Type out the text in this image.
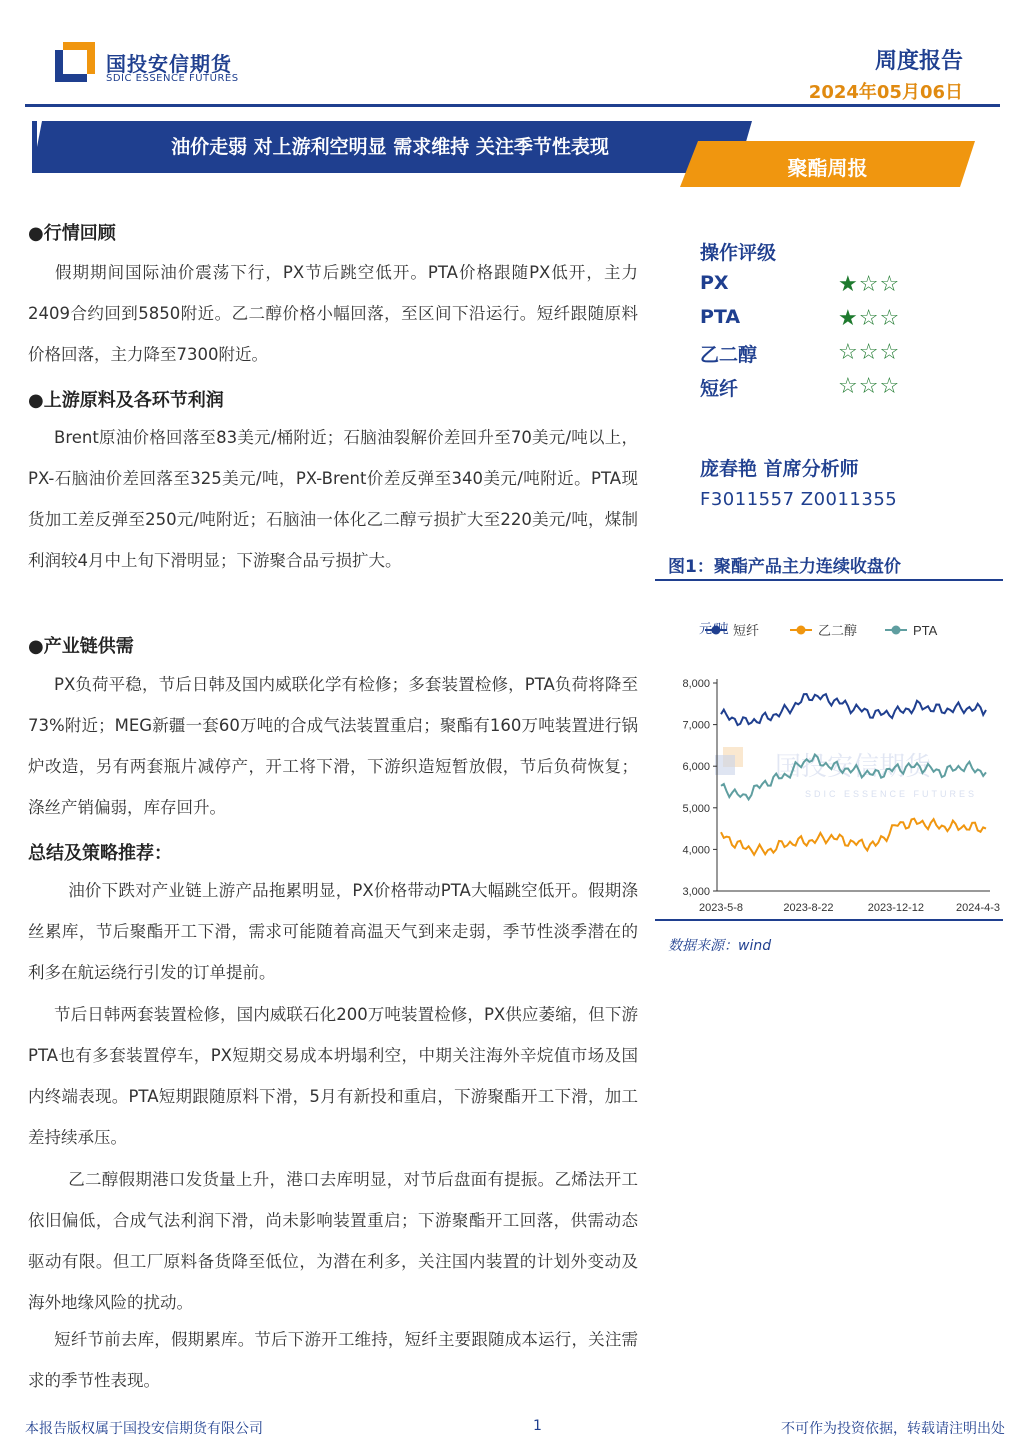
国投安信期货
SDIC ESSENCE FUTURES
周度报告
2024年05月06日
油价走弱 对上游利空明显 需求维持 关注季节性表现
聚酯周报
●行情回顾
假期期间国际油价震荡下行，PX节后跳空低开。PTA价格跟随PX低开，主力2409合约回到5850附近。乙二醇价格小幅回落，至区间下沿运行。短纤跟随原料价格回落，主力降至7300附近。
●上游原料及各环节利润
Brent原油价格回落至83美元/桶附近；石脑油裂解价差回升至70美元/吨以上，PX-石脑油价差回落至325美元/吨，PX-Brent价差反弹至340美元/吨附近。PTA现货加工差反弹至250元/吨附近；石脑油一体化乙二醇亏损扩大至220美元/吨，煤制利润较4月中上旬下滑明显；下游聚合品亏损扩大。
●产业链供需
PX负荷平稳，节后日韩及国内威联化学有检修；多套装置检修，PTA负荷将降至73%附近；MEG新疆一套60万吨的合成气法装置重启；聚酯有160万吨装置进行锅炉改造，另有两套瓶片减停产，开工将下滑，下游织造短暂放假，节后负荷恢复；涤丝产销偏弱，库存回升。
总结及策略推荐：
油价下跌对产业链上游产品拖累明显，PX价格带动PTA大幅跳空低开。假期涤丝累库，节后聚酯开工下滑，需求可能随着高温天气到来走弱，季节性淡季潜在的利多在航运绕行引发的订单提前。
节后日韩两套装置检修，国内威联石化200万吨装置检修，PX供应萎缩，但下游PTA也有多套装置停车，PX短期交易成本坍塌利空，中期关注海外辛烷值市场及国内终端表现。PTA短期跟随原料下滑，5月有新投和重启，下游聚酯开工下滑，加工差持续承压。
乙二醇假期港口发货量上升，港口去库明显，对节后盘面有提振。乙烯法开工依旧偏低，合成气法利润下滑，尚未影响装置重启；下游聚酯开工回落，供需动态驱动有限。但工厂原料备货降至低位，为潜在利多，关注国内装置的计划外变动及海外地缘风险的扰动。
短纤节前去库，假期累库。节后下游开工维持，短纤主要跟随成本运行，关注需求的季节性表现。
操作评级
PX	★☆☆
PTA	★☆☆
乙二醇	☆☆☆
短纤	☆☆☆
庞春艳 首席分析师
F3011557 Z0011355
图1：聚酯产品主力连续收盘价
国投安信期货
SDIC ESSENCE FUTURES
短纤	乙二醇	PTA
元/吨
3,000
4,000
5,000
6,000
7,000
8,000
2023-5-8	2023-8-22	2023-12-12	2024-4-3
数据来源：wind
本报告版权属于国投安信期货有限公司	1	不可作为投资依据，转载请注明出处
